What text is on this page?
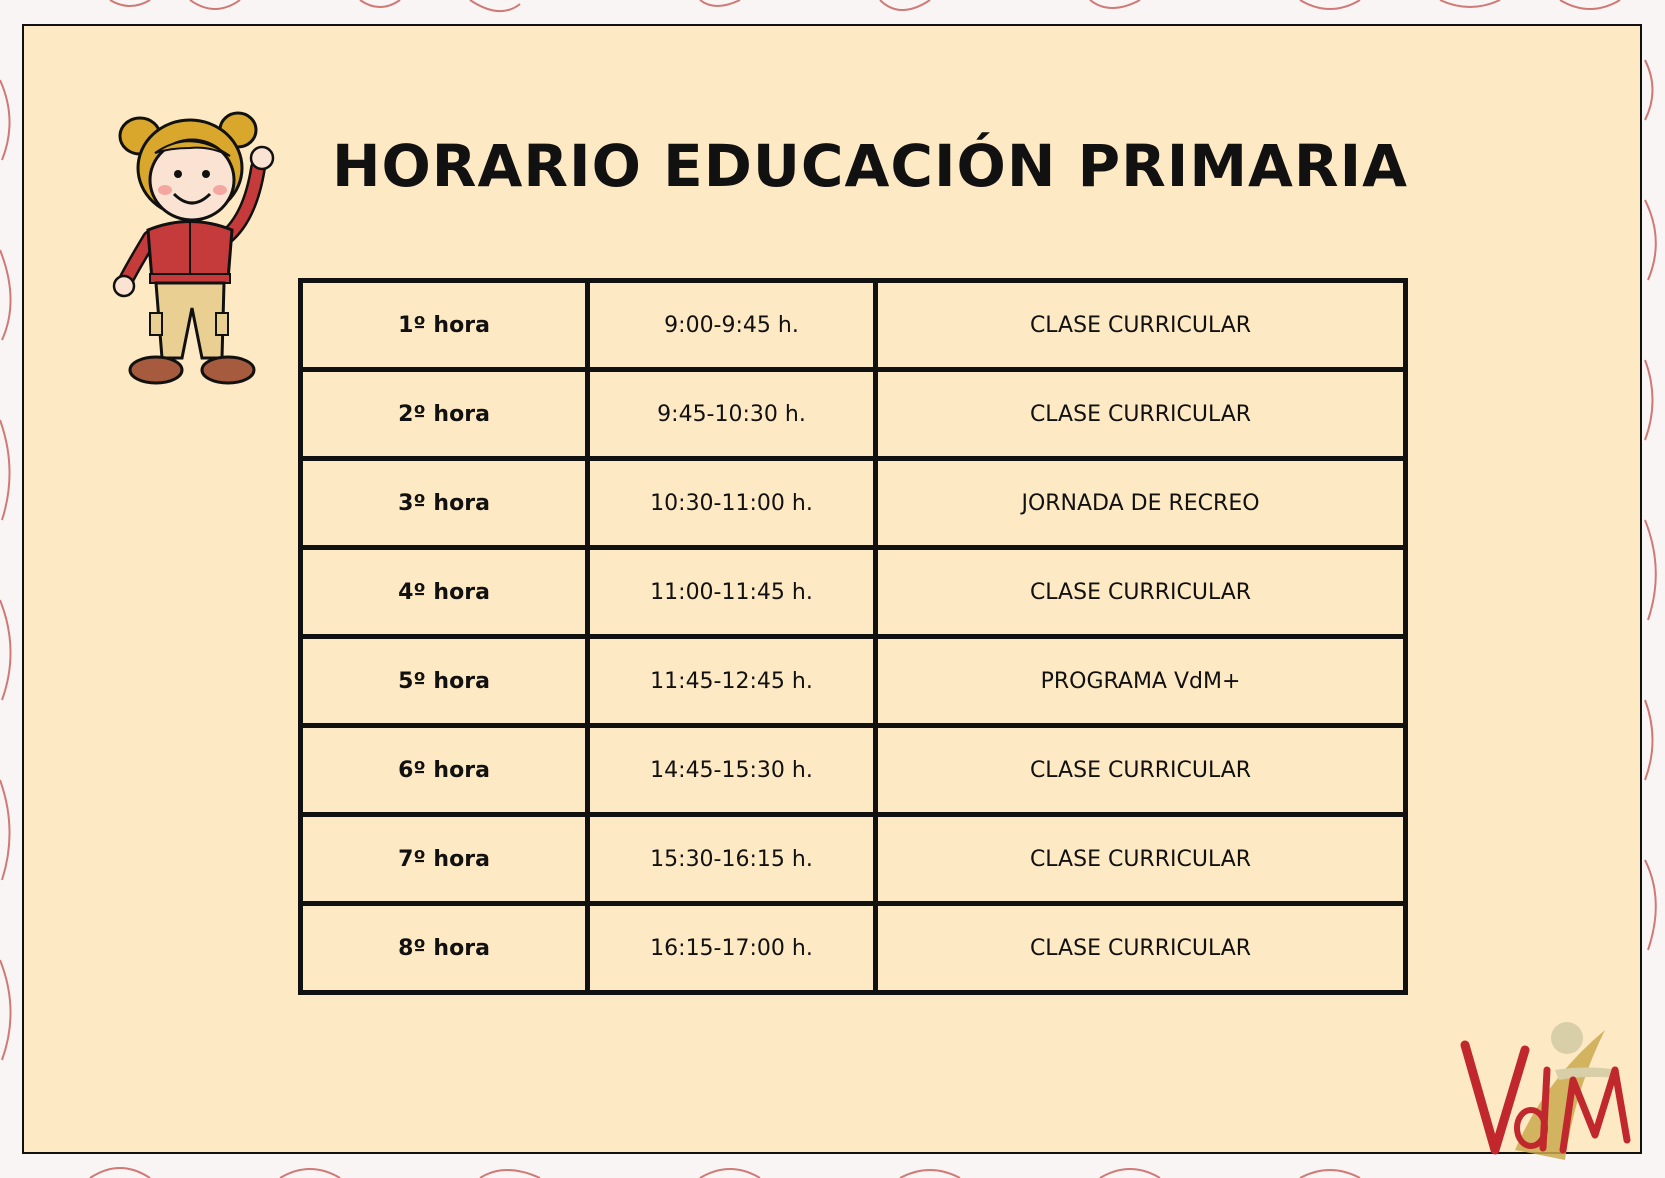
HORARIO EDUCACIÓN PRIMARIA
1º hora	9:00-9:45 h.	CLASE CURRICULAR
2º hora	9:45-10:30 h.	CLASE CURRICULAR
3º hora	10:30-11:00 h.	JORNADA DE RECREO
4º hora	11:00-11:45 h.	CLASE CURRICULAR
5º hora	11:45-12:45 h.	PROGRAMA VdM+
6º hora	14:45-15:30 h.	CLASE CURRICULAR
7º hora	15:30-16:15 h.	CLASE CURRICULAR
8º hora	16:15-17:00 h.	CLASE CURRICULAR
